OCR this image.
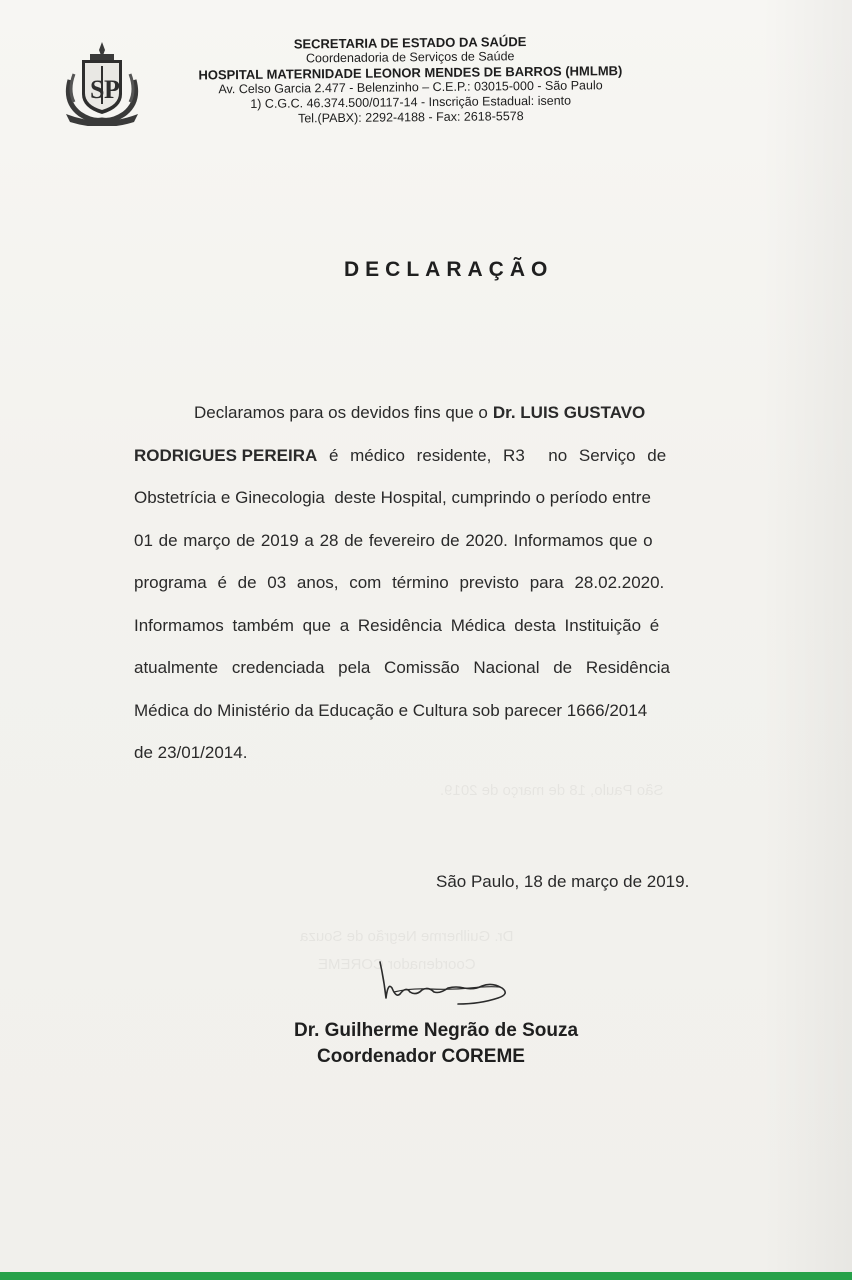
S P
SECRETARIA DE ESTADO DA SAÚDE
Coordenadoria de Serviços de Saúde
HOSPITAL MATERNIDADE LEONOR MENDES DE BARROS (HMLMB)
Av. Celso Garcia 2.477 - Belenzinho – C.E.P.: 03015-000 - São Paulo
1) C.G.C. 46.374.500/0117-14 - Inscrição Estadual: isento
Tel.(PABX): 2292-4188 - Fax: 2618-5578
DECLARAÇÃO
Declaramos para os devidos fins que o Dr. LUIS GUSTAVO
RODRIGUES PEREIRA é médico residente, R3  no Serviço de
Obstetrícia e Ginecologia  deste Hospital, cumprindo o período entre
01 de março de 2019 a 28 de fevereiro de 2020. Informamos que o
programa é de 03 anos, com término previsto para 28.02.2020.
Informamos também que a Residência Médica desta Instituição é
atualmente credenciada pela Comissão Nacional de Residência
Médica do Ministério da Educação e Cultura sob parecer 1666/2014
de 23/01/2014.
São Paulo, 18 de março de 2019.
Dr. Guilherme Negrão de Souza
Coordenador COREME
São Paulo, 18 de março de 2019.
Dr. Guilherme Negrão de Souza
Coordenador COREME
